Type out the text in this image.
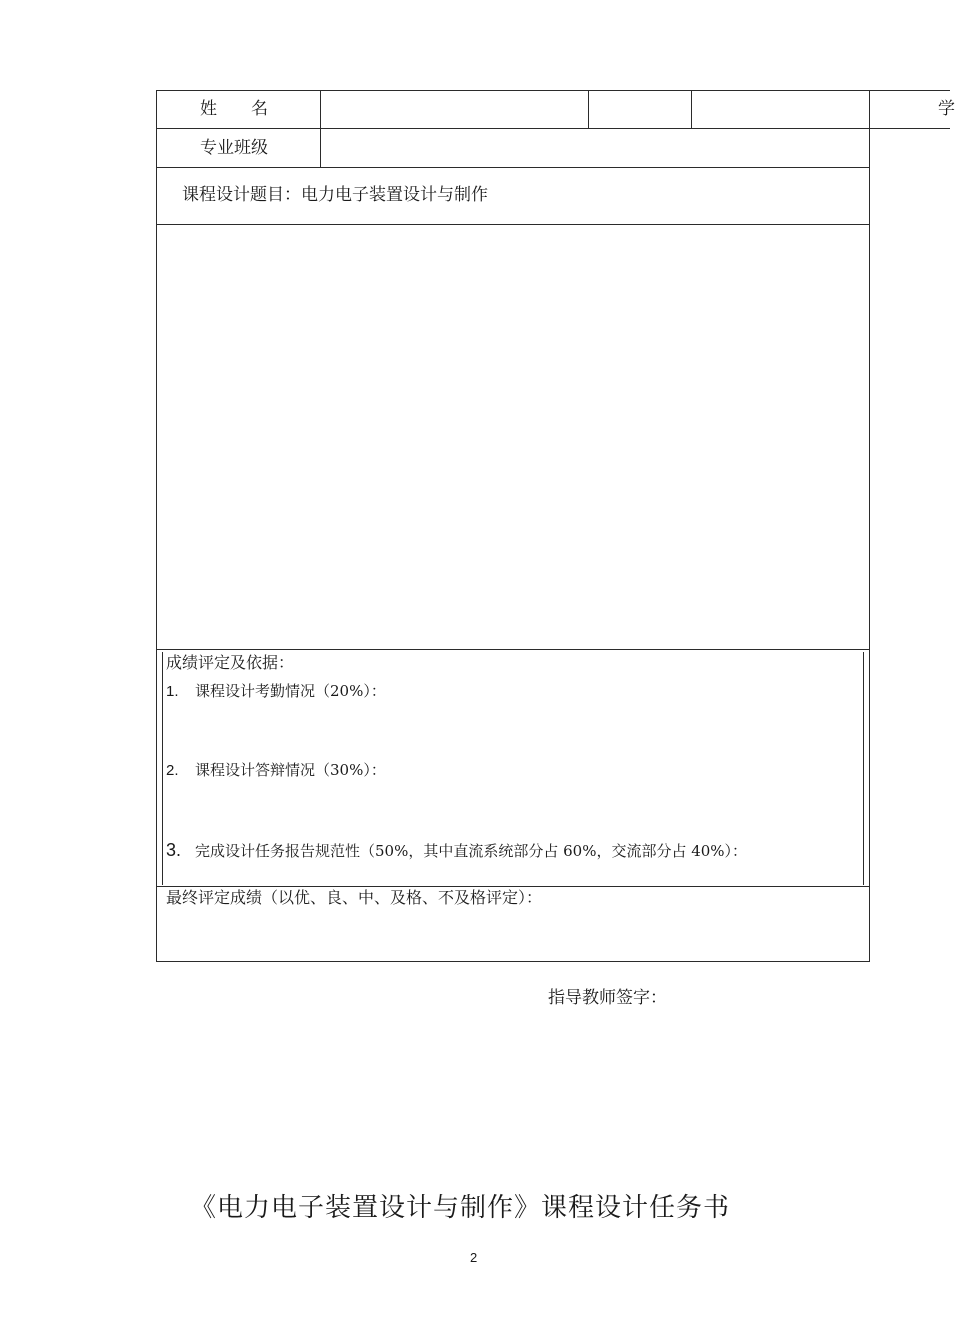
姓　　名	学
专业班级
课程设计题目：电力电子装置设计与制作
成绩评定及依据：
1. 课程设计考勤情况（20%）：
2. 课程设计答辩情况（30%）：
3. 完成设计任务报告规范性（50%，其中直流系统部分占 60%，交流部分占 40%）：
最终评定成绩（以优、良、中、及格、不及格评定）：
指导教师签字：
《电力电子装置设计与制作》课程设计任务书
2
